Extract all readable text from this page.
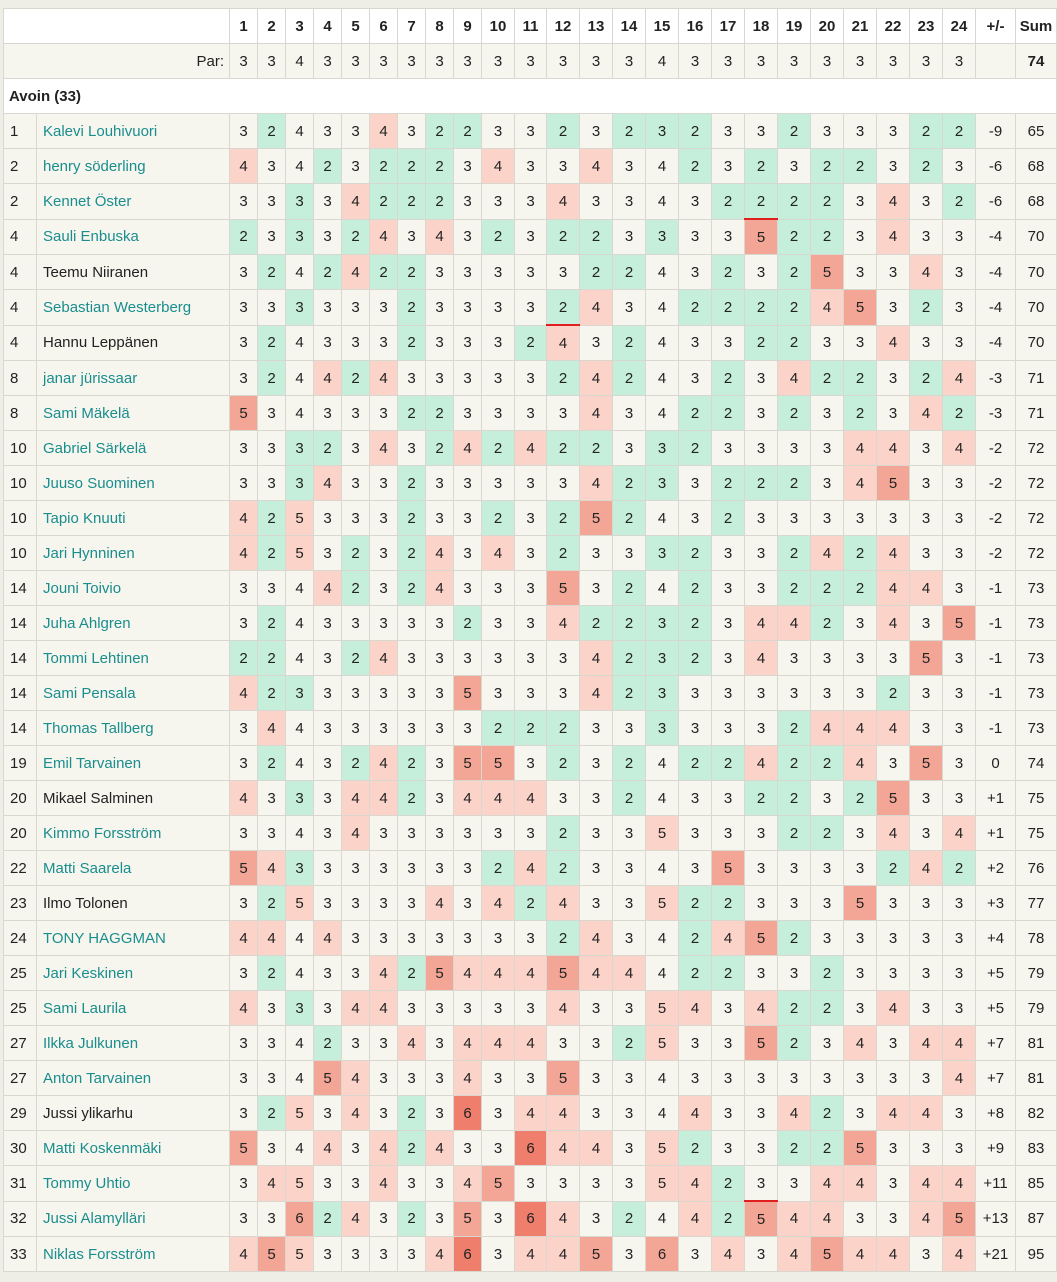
		1	2	3	4	5	6	7	8	9	10	11	12	13	14	15	16	17	18	19	20	21	22	23	24	+/-	Sum
Par:		3	3	4	3	3	3	3	3	3	3	3	3	3	3	4	3	3	3	3	3	3	3	3	3		74
Avoin (33)																											
1	Kalevi Louhivuori	3	2	4	3	3	4	3	2	2	3	3	2	3	2	3	2	3	3	2	3	3	3	2	2	-9	65
2	henry söderling	4	3	4	2	3	2	2	2	3	4	3	3	4	3	4	2	3	2	3	2	2	3	2	3	-6	68
2	Kennet Öster	3	3	3	3	4	2	2	2	3	3	3	4	3	3	4	3	2	2	2	2	3	4	3	2	-6	68
4	Sauli Enbuska	2	3	3	3	2	4	3	4	3	2	3	2	2	3	3	3	3	5	2	2	3	4	3	3	-4	70
4	Teemu Niiranen	3	2	4	2	4	2	2	3	3	3	3	3	2	2	4	3	2	3	2	5	3	3	4	3	-4	70
4	Sebastian Westerberg	3	3	3	3	3	3	2	3	3	3	3	2	4	3	4	2	2	2	2	4	5	3	2	3	-4	70
4	Hannu Leppänen	3	2	4	3	3	3	2	3	3	3	2	4	3	2	4	3	3	2	2	3	3	4	3	3	-4	70
8	janar jürissaar	3	2	4	4	2	4	3	3	3	3	3	2	4	2	4	3	2	3	4	2	2	3	2	4	-3	71
8	Sami Mäkelä	5	3	4	3	3	3	2	2	3	3	3	3	4	3	4	2	2	3	2	3	2	3	4	2	-3	71
10	Gabriel Särkelä	3	3	3	2	3	4	3	2	4	2	4	2	2	3	3	2	3	3	3	3	4	4	3	4	-2	72
10	Juuso Suominen	3	3	3	4	3	3	2	3	3	3	3	3	4	2	3	3	2	2	2	3	4	5	3	3	-2	72
10	Tapio Knuuti	4	2	5	3	3	3	2	3	3	2	3	2	5	2	4	3	2	3	3	3	3	3	3	3	-2	72
10	Jari Hynninen	4	2	5	3	2	3	2	4	3	4	3	2	3	3	3	2	3	3	2	4	2	4	3	3	-2	72
14	Jouni Toivio	3	3	4	4	2	3	2	4	3	3	3	5	3	2	4	2	3	3	2	2	2	4	4	3	-1	73
14	Juha Ahlgren	3	2	4	3	3	3	3	3	2	3	3	4	2	2	3	2	3	4	4	2	3	4	3	5	-1	73
14	Tommi Lehtinen	2	2	4	3	2	4	3	3	3	3	3	3	4	2	3	2	3	4	3	3	3	3	5	3	-1	73
14	Sami Pensala	4	2	3	3	3	3	3	3	5	3	3	3	4	2	3	3	3	3	3	3	3	2	3	3	-1	73
14	Thomas Tallberg	3	4	4	3	3	3	3	3	3	2	2	2	3	3	3	3	3	3	2	4	4	4	3	3	-1	73
19	Emil Tarvainen	3	2	4	3	2	4	2	3	5	5	3	2	3	2	4	2	2	4	2	2	4	3	5	3	0	74
20	Mikael Salminen	4	3	3	3	4	4	2	3	4	4	4	3	3	2	4	3	3	2	2	3	2	5	3	3	+1	75
20	Kimmo Forsström	3	3	4	3	4	3	3	3	3	3	3	2	3	3	5	3	3	3	2	2	3	4	3	4	+1	75
22	Matti Saarela	5	4	3	3	3	3	3	3	3	2	4	2	3	3	4	3	5	3	3	3	3	2	4	2	+2	76
23	Ilmo Tolonen	3	2	5	3	3	3	3	4	3	4	2	4	3	3	5	2	2	3	3	3	5	3	3	3	+3	77
24	TONY HAGGMAN	4	4	4	4	3	3	3	3	3	3	3	2	4	3	4	2	4	5	2	3	3	3	3	3	+4	78
25	Jari Keskinen	3	2	4	3	3	4	2	5	4	4	4	5	4	4	4	2	2	3	3	2	3	3	3	3	+5	79
25	Sami Laurila	4	3	3	3	4	4	3	3	3	3	3	4	3	3	5	4	3	4	2	2	3	4	3	3	+5	79
27	Ilkka Julkunen	3	3	4	2	3	3	4	3	4	4	4	3	3	2	5	3	3	5	2	3	4	3	4	4	+7	81
27	Anton Tarvainen	3	3	4	5	4	3	3	3	4	3	3	5	3	3	4	3	3	3	3	3	3	3	3	4	+7	81
29	Jussi ylikarhu	3	2	5	3	4	3	2	3	6	3	4	4	3	3	4	4	3	3	4	2	3	4	4	3	+8	82
30	Matti Koskenmäki	5	3	4	4	3	4	2	4	3	3	6	4	4	3	5	2	3	3	2	2	5	3	3	3	+9	83
31	Tommy Uhtio	3	4	5	3	3	4	3	3	4	5	3	3	3	3	5	4	2	3	3	4	4	3	4	4	+11	85
32	Jussi Alamylläri	3	3	6	2	4	3	2	3	5	3	6	4	3	2	4	4	2	5	4	4	3	3	4	5	+13	87
33	Niklas Forsström	4	5	5	3	3	3	3	4	6	3	4	4	5	3	6	3	4	3	4	5	4	4	3	4	+21	95
